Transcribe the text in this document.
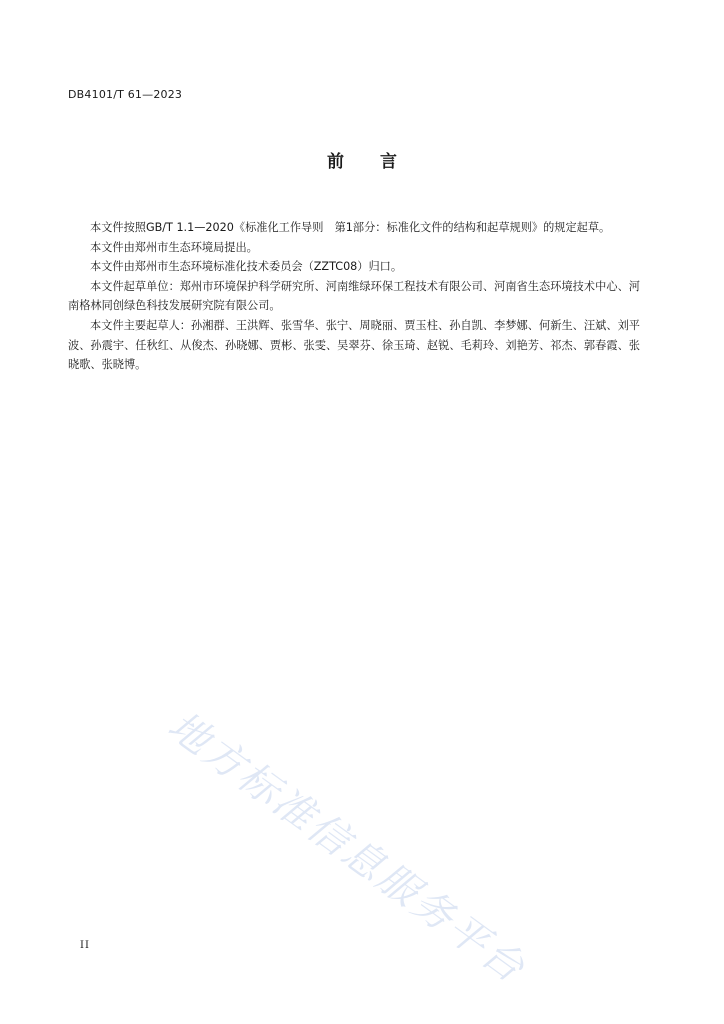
DB4101/T 61—2023
前 言

本文件按照GB/T 1.1—2020《标准化工作导则　第1部分：标准化文件的结构和起草规则》的规定起草。

本文件由郑州市生态环境局提出。

本文件由郑州市生态环境标准化技术委员会（ZZTC08）归口。

本文件起草单位：郑州市环境保护科学研究所、河南维绿环保工程技术有限公司、河南省生态环境技术中心、河南格林同创绿色科技发展研究院有限公司。

本文件主要起草人：孙湘群、王洪辉、张雪华、张宁、周晓丽、贾玉柱、孙自凯、李梦娜、何新生、汪斌、刘平波、孙震宇、任秋红、从俊杰、孙晓娜、贾彬、张雯、吴翠芬、徐玉琦、赵锐、毛莉玲、刘艳芳、祁杰、郭春霞、张晓歌、张晓博。

地方标准信息服务平台
II
